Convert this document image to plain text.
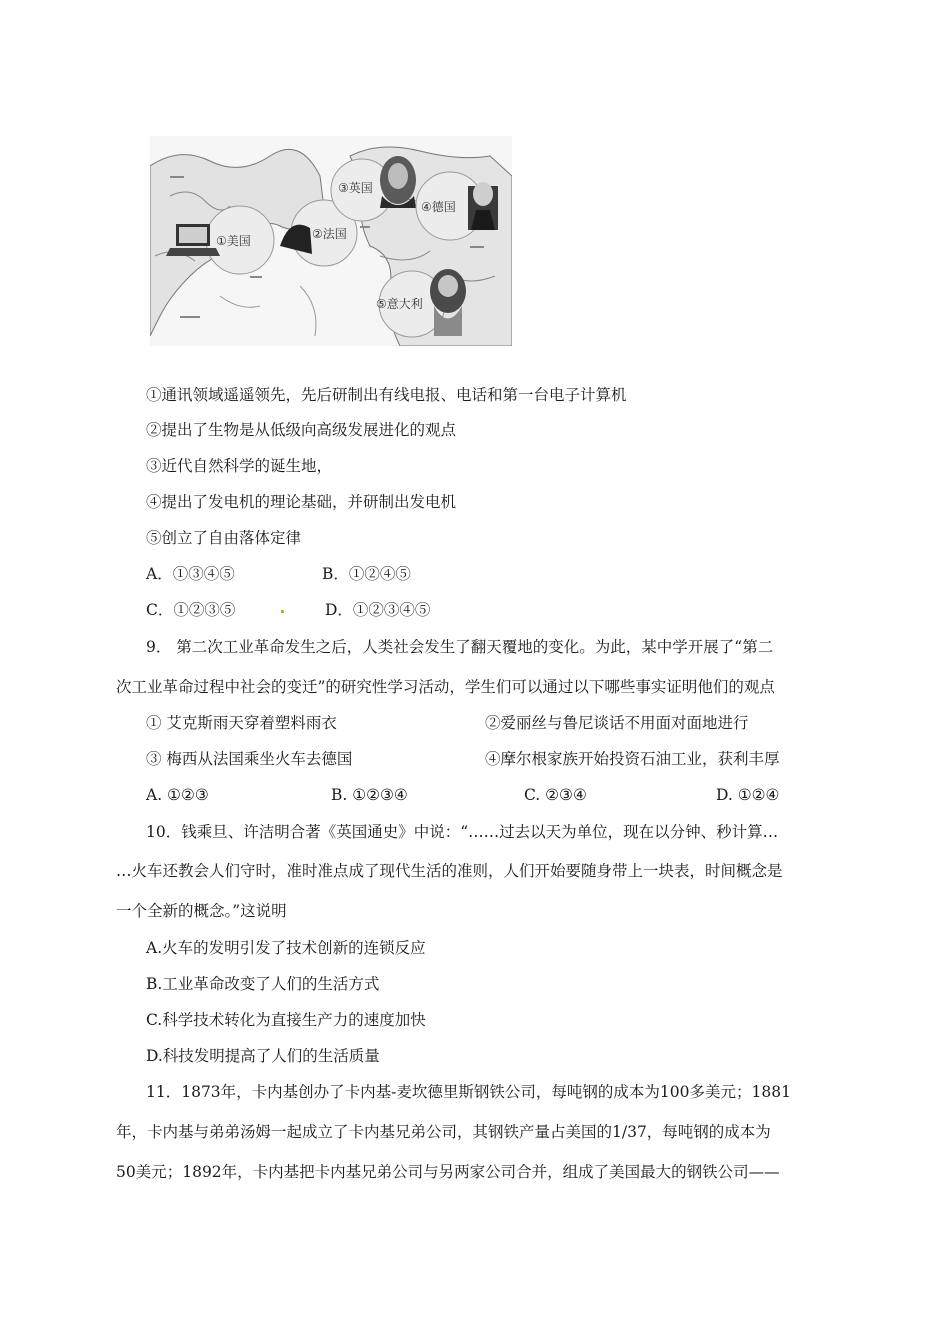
①美国	②法国
③英国
④德国
⑤意大利
①通讯领域遥遥领先，先后研制出有线电报、电话和第一台电子计算机
②提出了生物是从低级向高级发展进化的观点
③近代自然科学的诞生地，
④提出了发电机的理论基础，并研制出发电机
⑤创立了自由落体定律
A．①③④⑤	B．①②④⑤
C．①②③⑤	D．①②③④⑤
9． 第二次工业革命发生之后，人类社会发生了翻天覆地的变化。为此，某中学开展了“第二
次工业革命过程中社会的变迁”的研究性学习活动，学生们可以通过以下哪些事实证明他们的观点
① 艾克斯雨天穿着塑料雨衣	②爱丽丝与鲁尼谈话不用面对面地进行
③ 梅西从法国乘坐火车去德国	④摩尔根家族开始投资石油工业，获利丰厚
A. ①②③	B. ①②③④	C. ②③④	D. ①②④
10．钱乘旦、许洁明合著《英国通史》中说：“……过去以天为单位，现在以分钟、秒计算…
…火车还教会人们守时，准时准点成了现代生活的准则，人们开始要随身带上一块表，时间概念是
一个全新的概念。”这说明
A.火车的发明引发了技术创新的连锁反应
B.工业革命改变了人们的生活方式
C.科学技术转化为直接生产力的速度加快
D.科技发明提高了人们的生活质量
11．1873年，卡内基创办了卡内基-麦坎德里斯钢铁公司，每吨钢的成本为100多美元；1881
年，卡内基与弟弟汤姆一起成立了卡内基兄弟公司，其钢铁产量占美国的1/37，每吨钢的成本为
50美元；1892年，卡内基把卡内基兄弟公司与另两家公司合并，组成了美国最大的钢铁公司——
